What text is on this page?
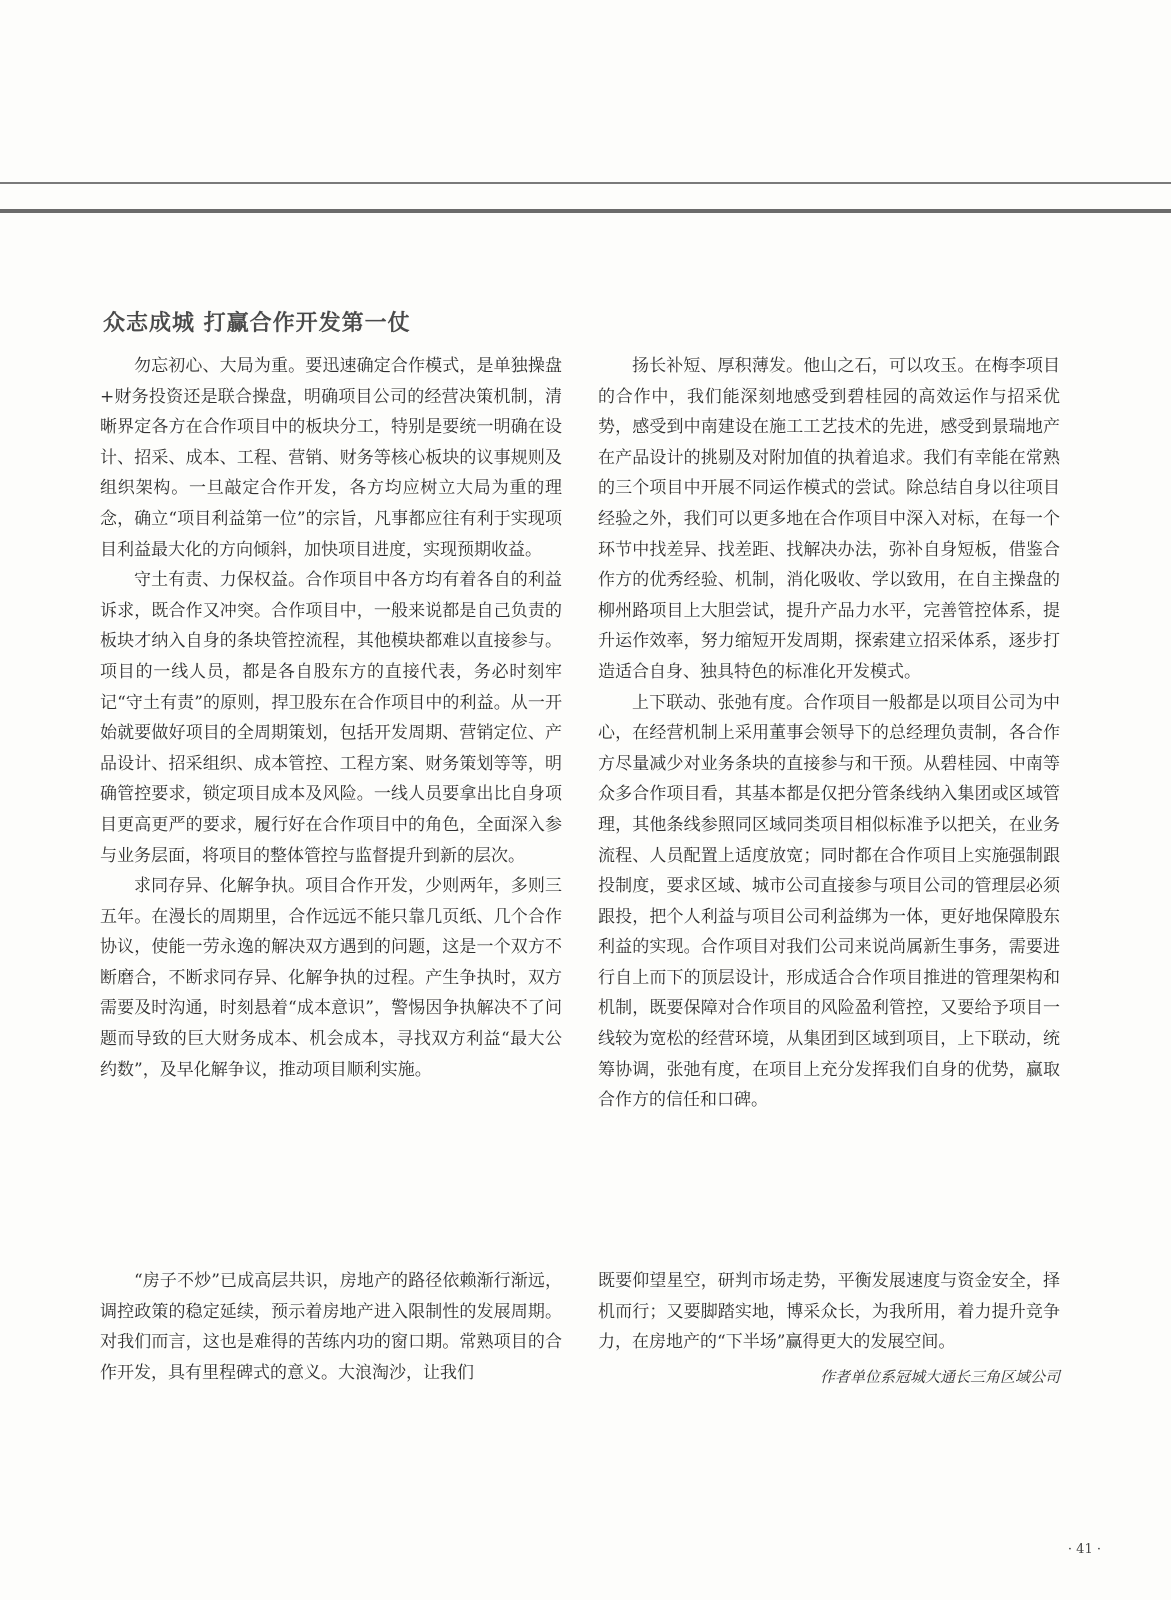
众志成城 打赢合作开发第一仗

勿忘初心、大局为重。要迅速确定合作模式，是单独操盘+财务投资还是联合操盘，明确项目公司的经营决策机制，清晰界定各方在合作项目中的板块分工，特别是要统一明确在设计、招采、成本、工程、营销、财务等核心板块的议事规则及组织架构。一旦敲定合作开发，各方均应树立大局为重的理念，确立“项目利益第一位”的宗旨，凡事都应往有利于实现项目利益最大化的方向倾斜，加快项目进度，实现预期收益。

守土有责、力保权益。合作项目中各方均有着各自的利益诉求，既合作又冲突。合作项目中，一般来说都是自己负责的板块才纳入自身的条块管控流程，其他模块都难以直接参与。项目的一线人员，都是各自股东方的直接代表，务必时刻牢记“守土有责”的原则，捍卫股东在合作项目中的利益。从一开始就要做好项目的全周期策划，包括开发周期、营销定位、产品设计、招采组织、成本管控、工程方案、财务策划等等，明确管控要求，锁定项目成本及风险。一线人员要拿出比自身项目更高更严的要求，履行好在合作项目中的角色，全面深入参与业务层面，将项目的整体管控与监督提升到新的层次。

求同存异、化解争执。项目合作开发，少则两年，多则三五年。在漫长的周期里，合作远远不能只靠几页纸、几个合作协议，使能一劳永逸的解决双方遇到的问题，这是一个双方不断磨合，不断求同存异、化解争执的过程。产生争执时，双方需要及时沟通，时刻悬着“成本意识”，警惕因争执解决不了问题而导致的巨大财务成本、机会成本，寻找双方利益“最大公约数”，及早化解争议，推动项目顺利实施。

扬长补短、厚积薄发。他山之石，可以攻玉。在梅李项目的合作中，我们能深刻地感受到碧桂园的高效运作与招采优势，感受到中南建设在施工工艺技术的先进，感受到景瑞地产在产品设计的挑剔及对附加值的执着追求。我们有幸能在常熟的三个项目中开展不同运作模式的尝试。除总结自身以往项目经验之外，我们可以更多地在合作项目中深入对标，在每一个环节中找差异、找差距、找解决办法，弥补自身短板，借鉴合作方的优秀经验、机制，消化吸收、学以致用，在自主操盘的柳州路项目上大胆尝试，提升产品力水平，完善管控体系，提升运作效率，努力缩短开发周期，探索建立招采体系，逐步打造适合自身、独具特色的标准化开发模式。

上下联动、张弛有度。合作项目一般都是以项目公司为中心，在经营机制上采用董事会领导下的总经理负责制，各合作方尽量减少对业务条块的直接参与和干预。从碧桂园、中南等众多合作项目看，其基本都是仅把分管条线纳入集团或区域管理，其他条线参照同区域同类项目相似标准予以把关，在业务流程、人员配置上适度放宽；同时都在合作项目上实施强制跟投制度，要求区域、城市公司直接参与项目公司的管理层必须跟投，把个人利益与项目公司利益绑为一体，更好地保障股东利益的实现。合作项目对我们公司来说尚属新生事务，需要进行自上而下的顶层设计，形成适合合作项目推进的管理架构和机制，既要保障对合作项目的风险盈利管控，又要给予项目一线较为宽松的经营环境，从集团到区域到项目，上下联动，统筹协调，张弛有度，在项目上充分发挥我们自身的优势，赢取合作方的信任和口碑。

“房子不炒”已成高层共识，房地产的路径依赖渐行渐远，调控政策的稳定延续，预示着房地产进入限制性的发展周期。对我们而言，这也是难得的苦练内功的窗口期。常熟项目的合作开发，具有里程碑式的意义。大浪淘沙，让我们

既要仰望星空，研判市场走势，平衡发展速度与资金安全，择机而行；又要脚踏实地，博采众长，为我所用，着力提升竞争力，在房地产的“下半场”赢得更大的发展空间。

作者单位系冠城大通长三角区域公司

· 41 ·
